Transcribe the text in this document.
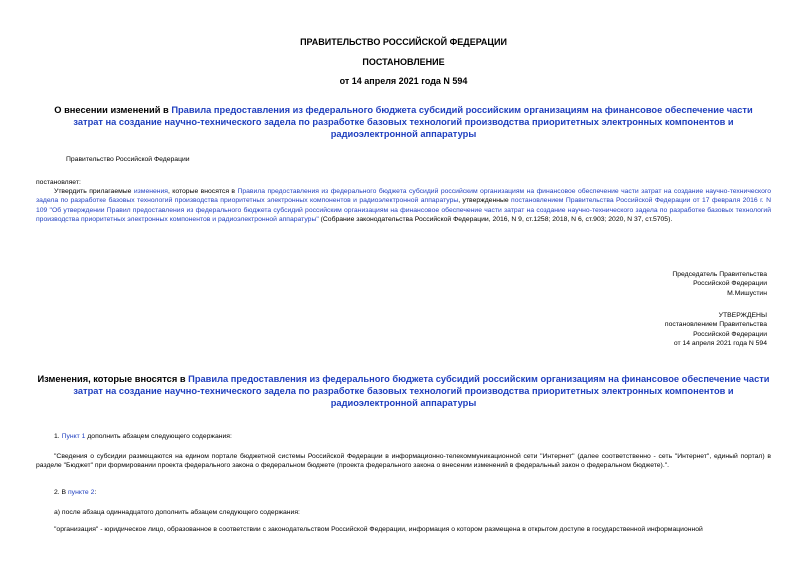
ПРАВИТЕЛЬСТВО РОССИЙСКОЙ ФЕДЕРАЦИИ
ПОСТАНОВЛЕНИЕ
от 14 апреля 2021 года N 594
О внесении изменений в Правила предоставления из федерального бюджета субсидий российским организациям на финансовое обеспечение части затрат на создание научно-технического задела по разработке базовых технологий производства приоритетных электронных компонентов и радиоэлектронной аппаратуры
Правительство Российской Федерации
постановляет:
Утвердить прилагаемые изменения, которые вносятся в Правила предоставления из федерального бюджета субсидий российским организациям на финансовое обеспечение части затрат на создание научно-технического задела по разработке базовых технологий производства приоритетных электронных компонентов и радиоэлектронной аппаратуры, утвержденные постановлением Правительства Российской Федерации от 17 февраля 2016 г. N 109 "Об утверждении Правил предоставления из федерального бюджета субсидий российским организациям на финансовое обеспечение части затрат на создание научно-технического задела по разработке базовых технологий производства приоритетных электронных компонентов и радиоэлектронной аппаратуры" (Собрание законодательства Российской Федерации, 2016, N 9, ст.1258; 2018, N 6, ст.903; 2020, N 37, ст.5705).
Председатель Правительства
Российской Федерации
М.Мишустин
УТВЕРЖДЕНЫ
постановлением Правительства
Российской Федерации
от 14 апреля 2021 года N 594
Изменения, которые вносятся в Правила предоставления из федерального бюджета субсидий российским организациям на финансовое обеспечение части затрат на создание научно-технического задела по разработке базовых технологий производства приоритетных электронных компонентов и радиоэлектронной аппаратуры
1. Пункт 1 дополнить абзацем следующего содержания:
"Сведения о субсидии размещаются на едином портале бюджетной системы Российской Федерации в информационно-телекоммуникационной сети "Интернет" (далее соответственно - сеть "Интернет", единый портал) в разделе "Бюджет" при формировании проекта федерального закона о федеральном бюджете (проекта федерального закона о внесении изменений в федеральный закон о федеральном бюджете).".
2. В пункте 2:
а) после абзаца одиннадцатого дополнить абзацем следующего содержания:
"организация" - юридическое лицо, образованное в соответствии с законодательством Российской Федерации, информация о котором размещена в открытом доступе в государственной информационной
